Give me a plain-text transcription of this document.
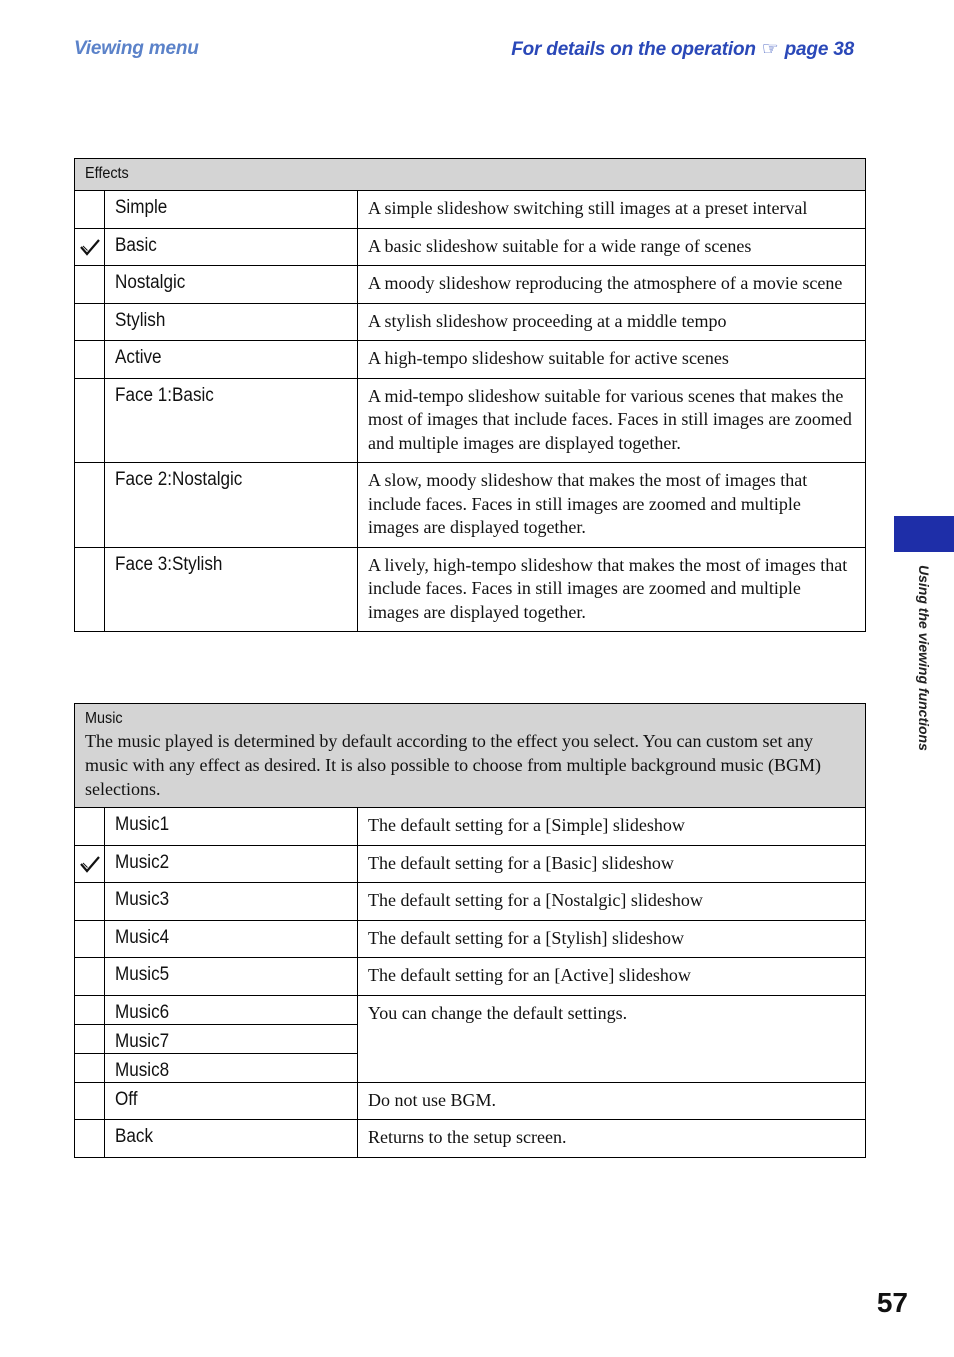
Viewing menu	For details on the operation ☞ page 38
Effects		

	Simple	A simple slideshow switching still images at a preset interval

	Basic	A basic slideshow suitable for a wide range of scenes
	Nostalgic	A moody slideshow reproducing the atmosphere of a movie scene
	Stylish	A stylish slideshow proceeding at a middle tempo
	Active	A high-tempo slideshow suitable for active scenes
	Face 1:Basic	A mid-tempo slideshow suitable for various scenes that makes the most of images that include faces. Faces in still images are zoomed and multiple images are displayed together.
	Face 2:Nostalgic	A slow, moody slideshow that makes the most of images that include faces. Faces in still images are zoomed and multiple images are displayed together.
	Face 3:Stylish	A lively, high-tempo slideshow that makes the most of images that include faces. Faces in still images are zoomed and multiple images are displayed together.
Music
The music played is determined by default according to the effect you select. You can custom set any music with any effect as desired. It is also possible to choose from multiple background music (BGM) selections.		

	Music1	The default setting for a [Simple] slideshow

	Music2	The default setting for a [Basic] slideshow
	Music3	The default setting for a [Nostalgic] slideshow
	Music4	The default setting for a [Stylish] slideshow
	Music5	The default setting for an [Active] slideshow
	Music6	You can change the default settings.
	Music7	
	Music8	
	Off	Do not use BGM.
	Back	Returns to the setup screen.
Using the viewing functions
57
